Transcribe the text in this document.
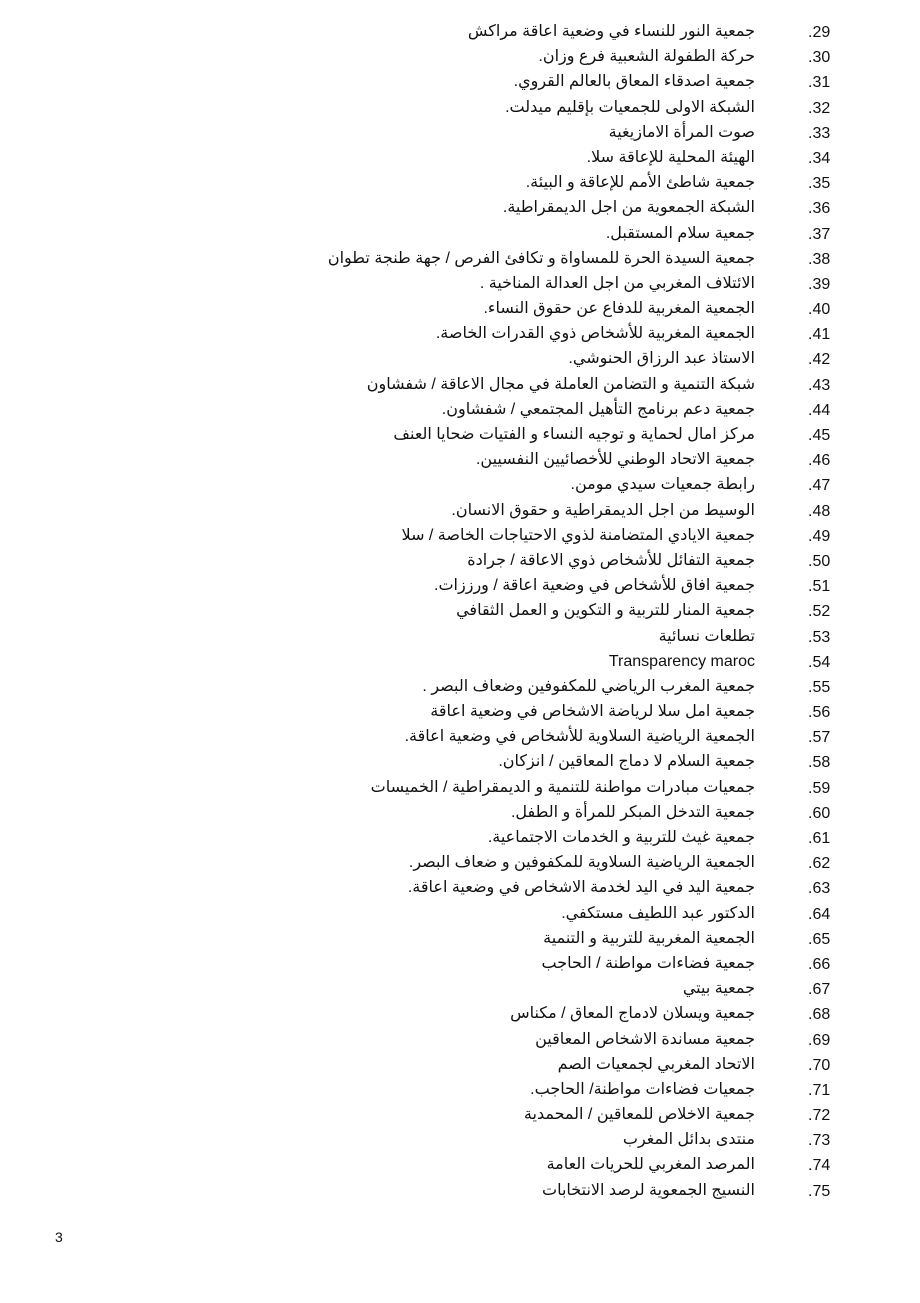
جمعية النور للنساء في وضعية اعاقة مراكش	.29
حركة الطفولة الشعبية فرع وزان.	.30
جمعية اصدقاء المعاق بالعالم القروي.	.31
الشبكة الاولى للجمعيات بإقليم ميدلت.	.32
صوت المرأة الامازيغية	.33
الهيئة المحلية للإعاقة سلا.	.34
جمعية شاطئ الأمم للإعاقة و البيئة.	.35
الشبكة الجمعوية من اجل الديمقراطية.	.36
جمعية سلام المستقبل.	.37
جمعية السيدة الحرة للمساواة و تكافئ الفرص / جهة طنجة تطوان	.38
الائتلاف المغربي من اجل العدالة المناخية .	.39
الجمعية المغربية للدفاع عن حقوق النساء.	.40
الجمعية المغربية للأشخاص ذوي القدرات الخاصة.	.41
الاستاذ عبد الرزاق الحنوشي.	.42
شبكة التنمية و التضامن العاملة في مجال الاعاقة / شفشاون	.43
جمعية دعم برنامج التأهيل المجتمعي / شفشاون.	.44
مركز امال لحماية و توجيه النساء و الفتيات ضحايا العنف	.45
جمعية الاتحاد الوطني للأخصائيين النفسيين.	.46
رابطة جمعيات سيدي مومن.	.47
الوسيط من اجل الديمقراطية و حقوق الانسان.	.48
جمعية الايادي المتضامنة لذوي الاحتياجات الخاصة / سلا	.49
جمعية التفائل للأشخاص ذوي الاعاقة / جرادة	.50
جمعية افاق للأشخاص في وضعية اعاقة / ورززات.	.51
جمعية المنار للتربية و التكوين و العمل الثقافي	.52
تطلعات نسائية	.53
Transparency maroc	.54
جمعية المغرب الرياضي للمكفوفين وضعاف البصر .	.55
جمعية امل سلا لرياضة الاشخاص في وضعية اعاقة	.56
الجمعية الرياضية السلاوية للأشخاص في وضعية اعاقة.	.57
جمعية السلام لا دماج المعاقين / انزكان.	.58
جمعيات مبادرات مواطنة للتنمية و الديمقراطية / الخميسات	.59
جمعية التدخل المبكر للمرأة و الطفل.	.60
جمعية غيث للتربية و الخدمات الاجتماعية.	.61
الجمعية الرياضية السلاوية للمكفوفين و ضعاف البصر.	.62
جمعية اليد في اليد لخدمة الاشخاص في وضعية اعاقة.	.63
الدكتور عبد اللطيف مستكفي.	.64
الجمعية المغربية للتربية و التنمية	.65
جمعية فضاءات مواطنة / الحاجب	.66
جمعية بيتي	.67
جمعية ويسلان لادماج المعاق / مكناس	.68
جمعية مساندة الاشخاص المعاقين	.69
الاتحاد المغربي لجمعيات الصم	.70
جمعيات فضاءات مواطنة/ الحاجب.	.71
جمعية الاخلاص للمعاقين / المحمدية	.72
منتدى بدائل المغرب	.73
المرصد المغربي للحريات العامة	.74
النسيج الجمعوية لرصد الانتخابات	.75
3
